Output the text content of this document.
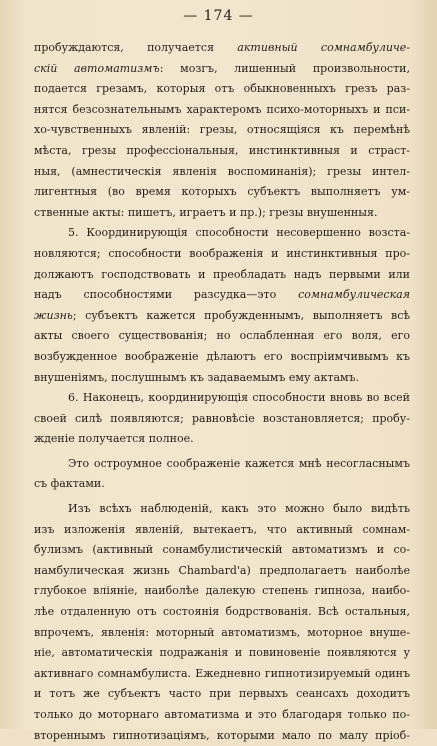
— 174 —
пробуждаются, получается активный сомнамбуличе-
скій автоматизмъ: мозгъ, лишенный произвольности,
подается грезамъ, которыя отъ обыкновенныхъ грезъ раз-
нятся безсознательнымъ характеромъ психо-моторныхъ и пси-
хо-чувственныхъ явленій: грезы, относящіяся къ перемѣнѣ
мѣста, грезы профессіональныя, инстинктивныя и страст-
ныя, (амнестическія явленія воспоминанія); грезы интел-
лигентныя (во время которыхъ субъектъ выполняетъ ум-
ственные акты: пишетъ, играетъ и пр.); грезы внушенныя.
5. Координирующія способности несовершенно возста-
новляются; способности воображенія и инстинктивныя про-
должаютъ господствовать и преобладать надъ первыми или
надъ способностями разсудка—это сомнамбулическая
жизнь; субъектъ кажется пробужденнымъ, выполняетъ всѣ
акты своего существованія; но ослабленная его воля, его
возбужденное воображеніе дѣлаютъ его воспріимчивымъ къ
внушеніямъ, послушнымъ къ задаваемымъ ему актамъ.
6. Наконецъ, координирующія способности вновь во всей
своей силѣ появляются; равновѣсіе возстановляется; пробу-
жденіе получается полное.
Это остроумное соображеніе кажется мнѣ несогласнымъ
съ фактами.
Изъ всѣхъ наблюденій, какъ это можно было видѣть
изъ изложенія явленій, вытекаетъ, что активный сомнам-
булизмъ (активный сонамбулистическій автоматизмъ и со-
намбулическая жизнь Chambard'a) предполагаетъ наиболѣе
глубокое вліяніе, наиболѣе далекую степень гипноза, наибо-
лѣе отдаленную отъ состоянія бодрствованія. Всѣ остальныя,
впрочемъ, явленія: моторный автоматизмъ, моторное внуше-
ніе, автоматическія подражанія и повиновеніе появляются у
активнаго сомнамбулиста. Ежедневно гипнотизируемый одинъ
и тотъ же субъектъ часто при первыхъ сеансахъ доходитъ
только до моторнаго автоматизма и это благодаря только по-
втореннымъ гипнотизаціямъ, которыми мало по малу пріоб-
